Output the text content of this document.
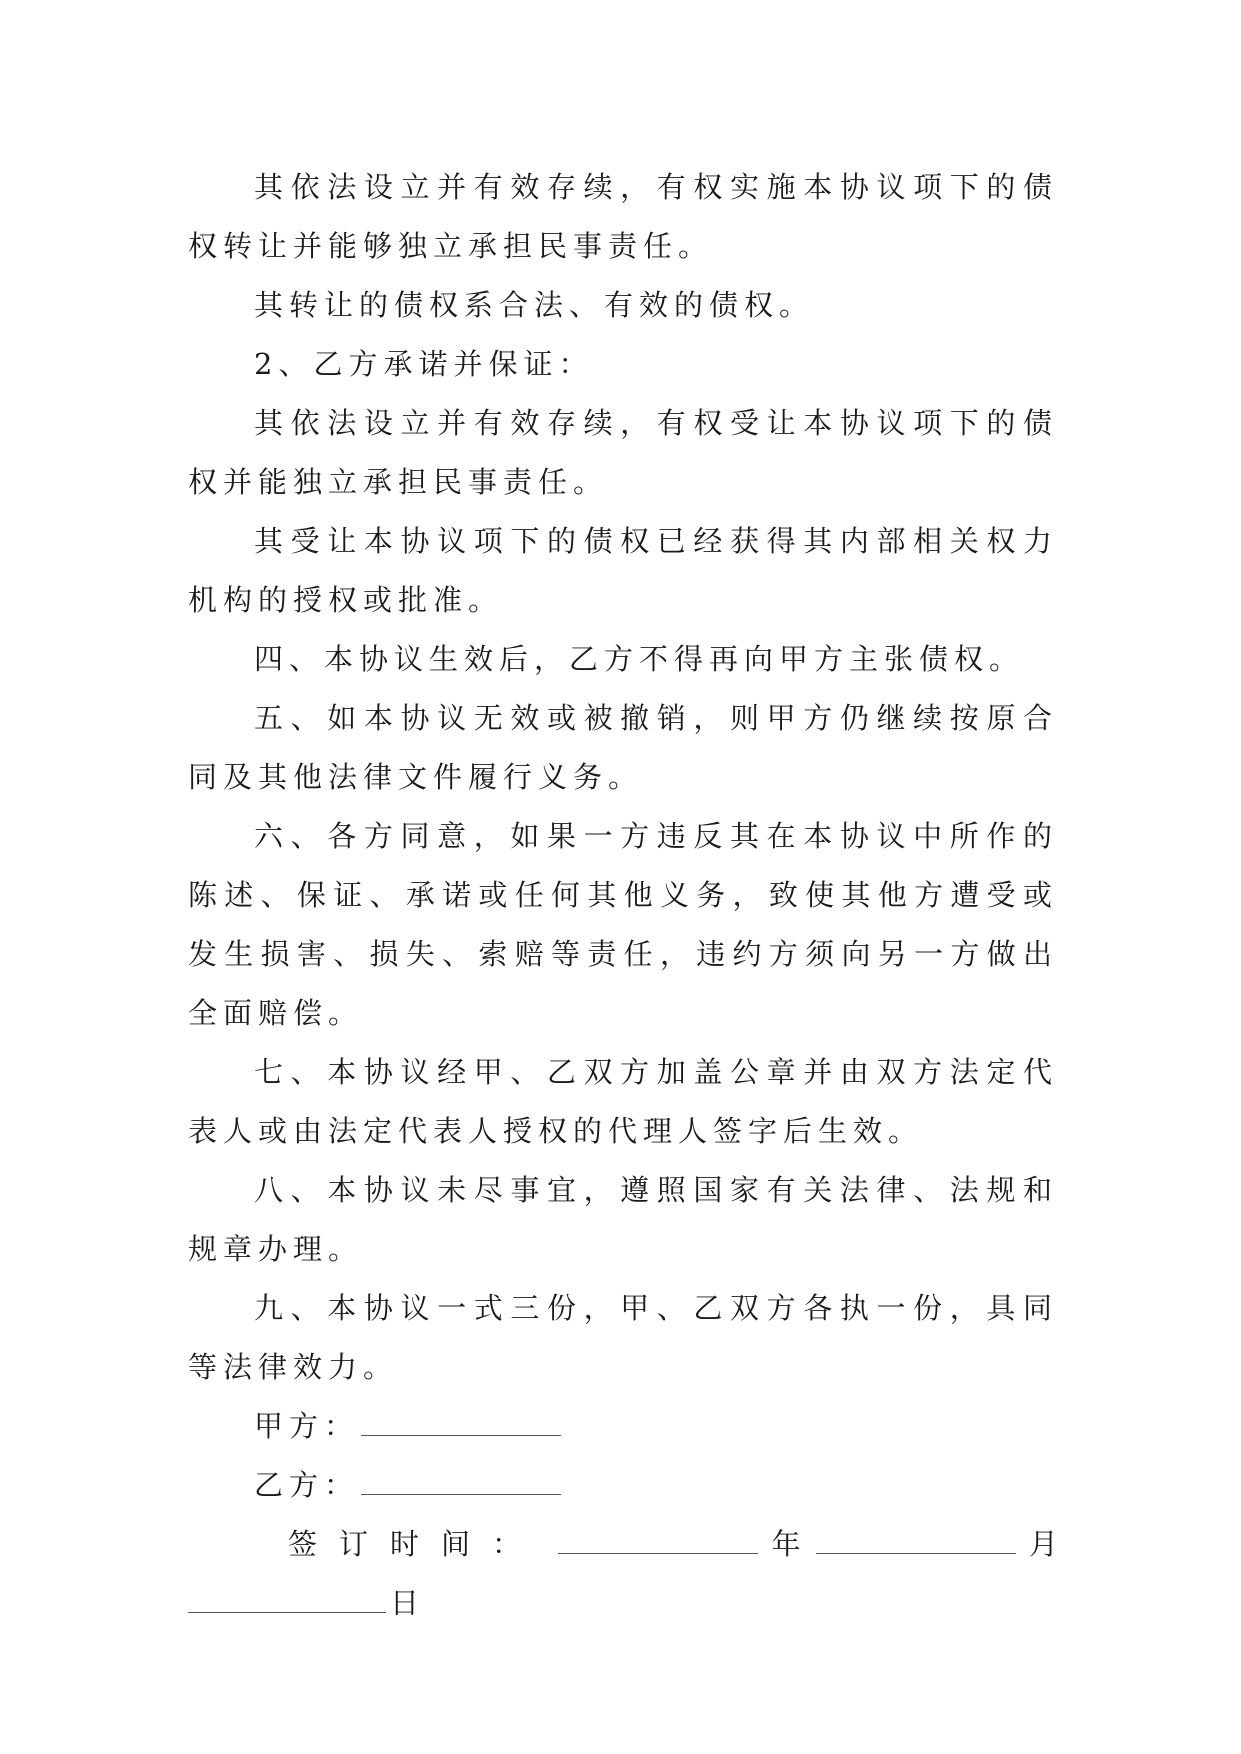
其依法设立并有效存续，有权实施本协议项下的债权转让并能够独立承担民事责任。

其转让的债权系合法、有效的债权。

2、乙方承诺并保证：

其依法设立并有效存续，有权受让本协议项下的债权并能独立承担民事责任。

其受让本协议项下的债权已经获得其内部相关权力机构的授权或批准。

四、本协议生效后，乙方不得再向甲方主张债权。

五、如本协议无效或被撤销，则甲方仍继续按原合同及其他法律文件履行义务。

六、各方同意，如果一方违反其在本协议中所作的陈述、保证、承诺或任何其他义务，致使其他方遭受或发生损害、损失、索赔等责任，违约方须向另一方做出全面赔偿。

七、本协议经甲、乙双方加盖公章并由双方法定代表人或由法定代表人授权的代理人签字后生效。

八、本协议未尽事宜，遵照国家有关法律、法规和规章办理。

九、本协议一式三份，甲、乙双方各执一份，具同等法律效力。

甲方：
乙方：
签订时间：	年	月
日
